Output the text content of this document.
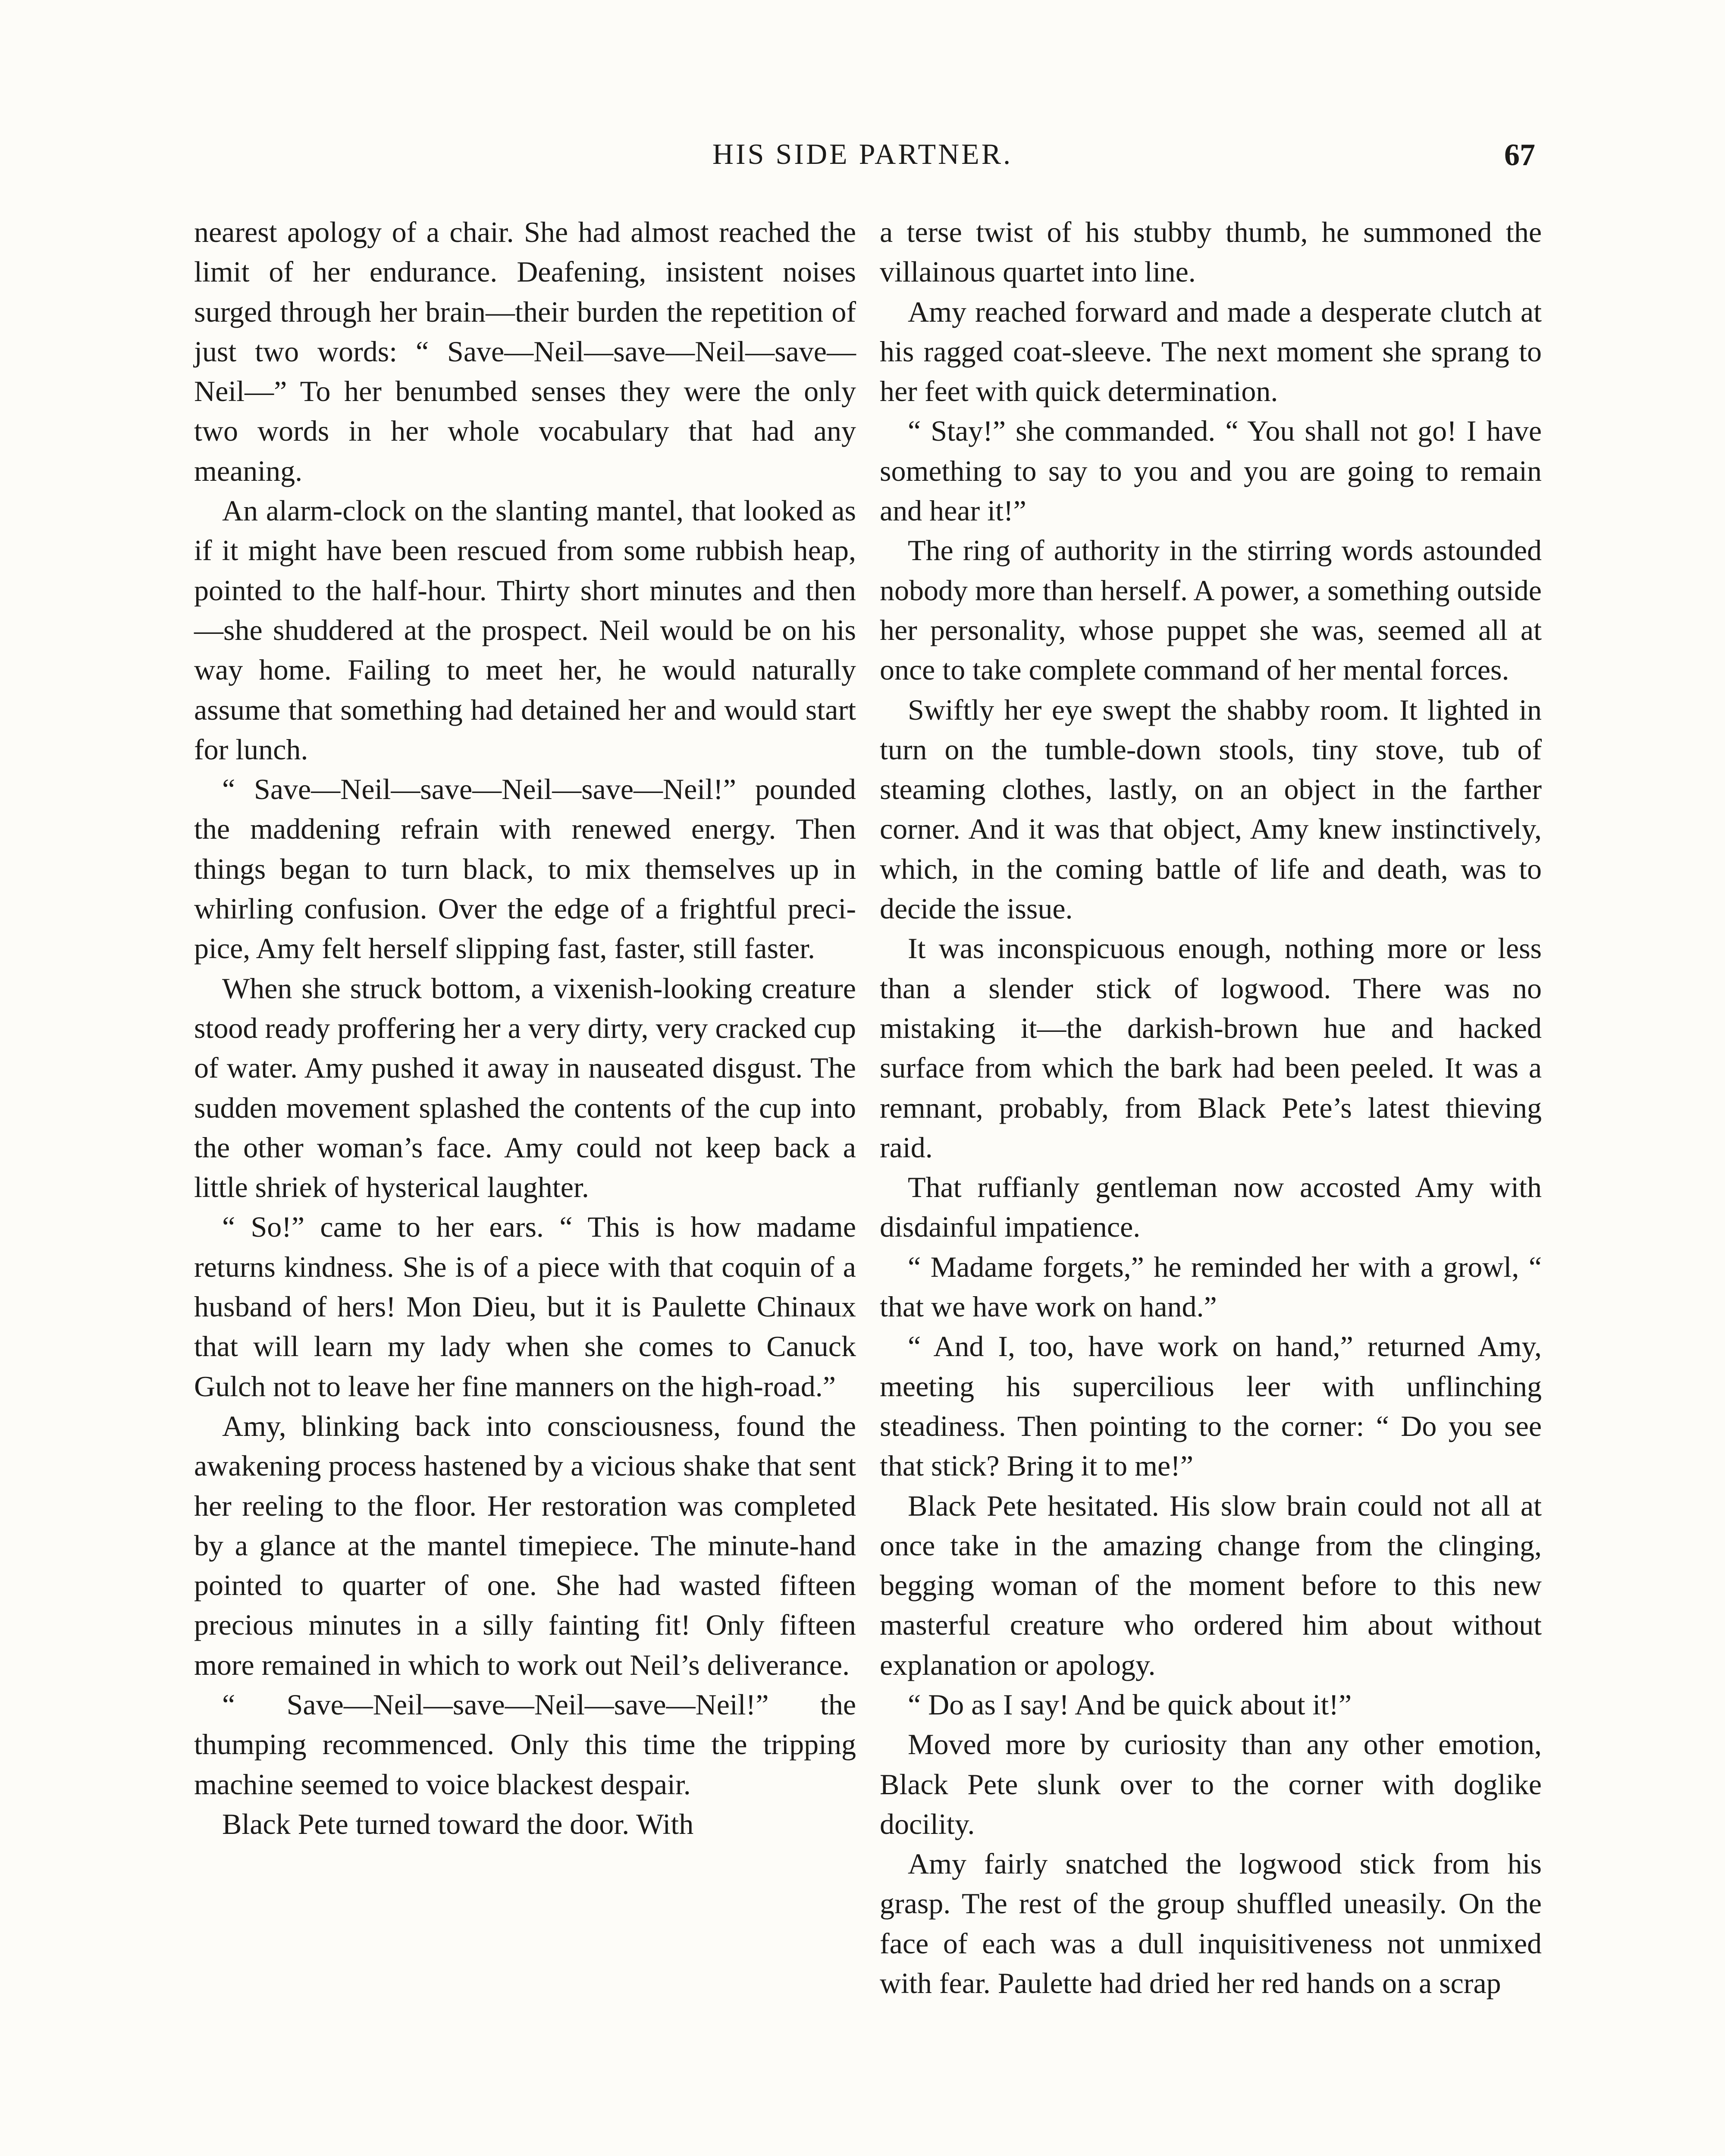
HIS SIDE PARTNER.	67

nearest apology of a chair. She had almost reached the limit of her endurance. Deafening, insistent noises surged through her brain—their burden the repetition of just two words: “ Save—Neil—save—Neil—save—Neil—” To her benumbed senses they were the only two words in her whole vocabulary that had any meaning.

An alarm-clock on the slanting mantel, that looked as if it might have been rescued from some rubbish heap, pointed to the half-hour. Thirty short minutes and then—she shuddered at the prospect. Neil would be on his way home. Failing to meet her, he would naturally assume that something had detained her and would start for lunch.

“ Save—Neil—save—Neil—save—Neil!” pounded the maddening refrain with renewed energy. Then things began to turn black, to mix themselves up in whirling confusion. Over the edge of a frightful precipice, Amy felt herself slipping fast, faster, still faster.

When she struck bottom, a vixenish-looking creature stood ready proffering her a very dirty, very cracked cup of water. Amy pushed it away in nauseated disgust. The sudden movement splashed the contents of the cup into the other woman’s face. Amy could not keep back a little shriek of hysterical laughter.

“ So!” came to her ears. “ This is how madame returns kindness. She is of a piece with that coquin of a husband of hers! Mon Dieu, but it is Paulette Chinaux that will learn my lady when she comes to Canuck Gulch not to leave her fine manners on the high-road.”

Amy, blinking back into consciousness, found the awakening process hastened by a vicious shake that sent her reeling to the floor. Her restoration was completed by a glance at the mantel timepiece. The minute-hand pointed to quarter of one. She had wasted fifteen precious minutes in a silly fainting fit! Only fifteen more remained in which to work out Neil’s deliverance.

“ Save—Neil—save—Neil—save—Neil!” the thumping recommenced. Only this time the tripping machine seemed to voice blackest despair.

Black Pete turned toward the door. With

a terse twist of his stubby thumb, he summoned the villainous quartet into line.

Amy reached forward and made a desperate clutch at his ragged coat-sleeve. The next moment she sprang to her feet with quick determination.

“ Stay!” she commanded. “ You shall not go! I have something to say to you and you are going to remain and hear it!”

The ring of authority in the stirring words astounded nobody more than herself. A power, a something outside her personality, whose puppet she was, seemed all at once to take complete command of her mental forces.

Swiftly her eye swept the shabby room. It lighted in turn on the tumble-down stools, tiny stove, tub of steaming clothes, lastly, on an object in the farther corner. And it was that object, Amy knew instinctively, which, in the coming battle of life and death, was to decide the issue.

It was inconspicuous enough, nothing more or less than a slender stick of logwood. There was no mistaking it—the darkish-brown hue and hacked surface from which the bark had been peeled. It was a remnant, probably, from Black Pete’s latest thieving raid.

That ruffianly gentleman now accosted Amy with disdainful impatience.

“ Madame forgets,” he reminded her with a growl, “ that we have work on hand.”

“ And I, too, have work on hand,” returned Amy, meeting his supercilious leer with unflinching steadiness. Then pointing to the corner: “ Do you see that stick? Bring it to me!”

Black Pete hesitated. His slow brain could not all at once take in the amazing change from the clinging, begging woman of the moment before to this new masterful creature who ordered him about without explanation or apology.

“ Do as I say! And be quick about it!”

Moved more by curiosity than any other emotion, Black Pete slunk over to the corner with doglike docility.

Amy fairly snatched the logwood stick from his grasp. The rest of the group shuffled uneasily. On the face of each was a dull inquisitiveness not unmixed with fear. Paulette had dried her red hands on a scrap
